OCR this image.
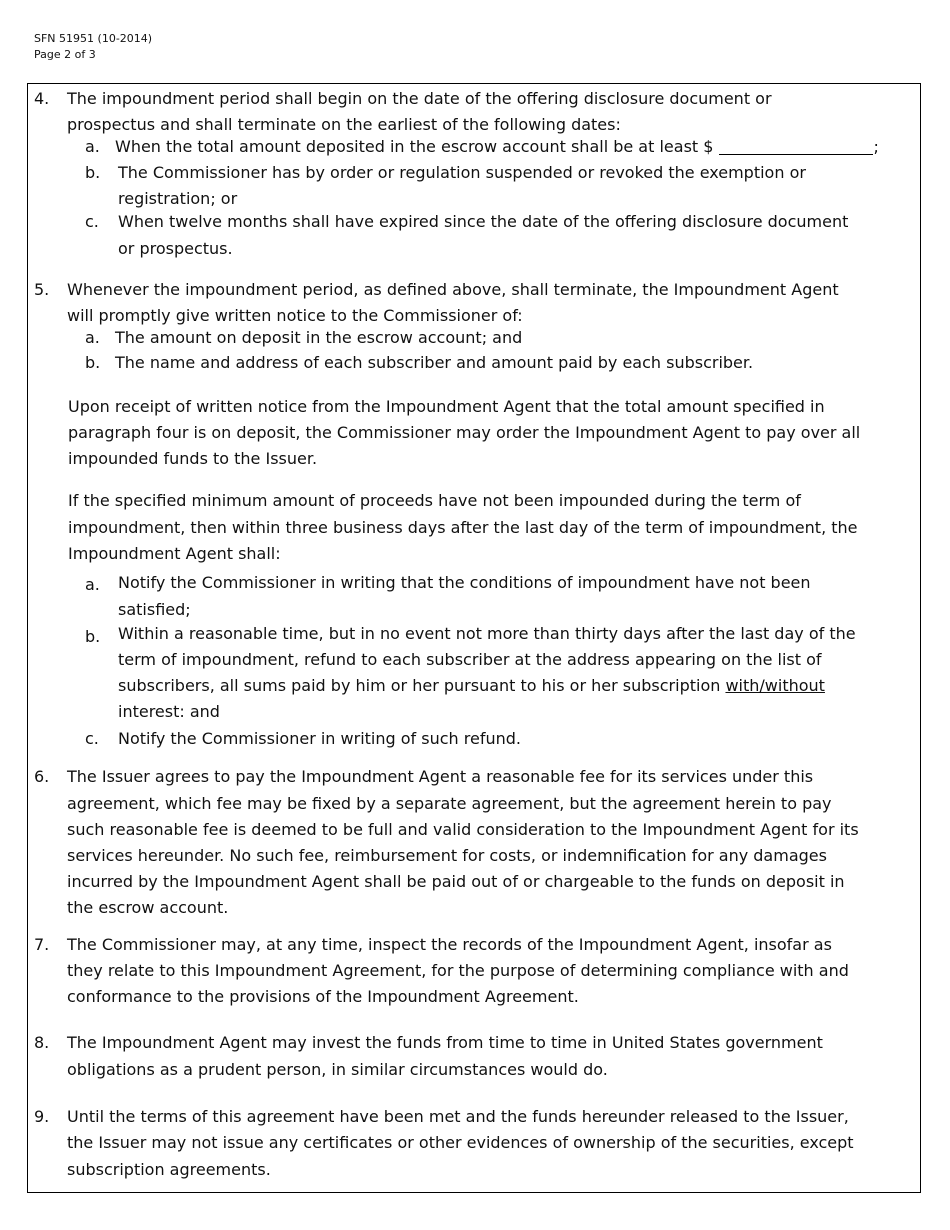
SFN 51951 (10-2014)
Page 2 of 3
4. The impoundment period shall begin on the date of the offering disclosure document or
prospectus and shall terminate on the earliest of the following dates:
a. When the total amount deposited in the escrow account shall be at least $	;
b. The Commissioner has by order or regulation suspended or revoked the exemption or
registration; or
c. When twelve months shall have expired since the date of the offering disclosure document
or prospectus.
5. Whenever the impoundment period, as defined above, shall terminate, the Impoundment Agent
will promptly give written notice to the Commissioner of:
a. The amount on deposit in the escrow account; and
b. The name and address of each subscriber and amount paid by each subscriber.
Upon receipt of written notice from the Impoundment Agent that the total amount specified in
paragraph four is on deposit, the Commissioner may order the Impoundment Agent to pay over all
impounded funds to the Issuer.
If the specified minimum amount of proceeds have not been impounded during the term of
impoundment, then within three business days after the last day of the term of impoundment, the
Impoundment Agent shall:
a. Notify the Commissioner in writing that the conditions of impoundment have not been
satisfied;
b. Within a reasonable time, but in no event not more than thirty days after the last day of the
term of impoundment, refund to each subscriber at the address appearing on the list of
subscribers, all sums paid by him or her pursuant to his or her subscription with/without
interest: and
c. Notify the Commissioner in writing of such refund.
6. The Issuer agrees to pay the Impoundment Agent a reasonable fee for its services under this
agreement, which fee may be fixed by a separate agreement, but the agreement herein to pay
such reasonable fee is deemed to be full and valid consideration to the Impoundment Agent for its
services hereunder. No such fee, reimbursement for costs, or indemnification for any damages
incurred by the Impoundment Agent shall be paid out of or chargeable to the funds on deposit in
the escrow account.
7. The Commissioner may, at any time, inspect the records of the Impoundment Agent, insofar as
they relate to this Impoundment Agreement, for the purpose of determining compliance with and
conformance to the provisions of the Impoundment Agreement.
8. The Impoundment Agent may invest the funds from time to time in United States government
obligations as a prudent person, in similar circumstances would do.
9. Until the terms of this agreement have been met and the funds hereunder released to the Issuer,
the Issuer may not issue any certificates or other evidences of ownership of the securities, except
subscription agreements.
